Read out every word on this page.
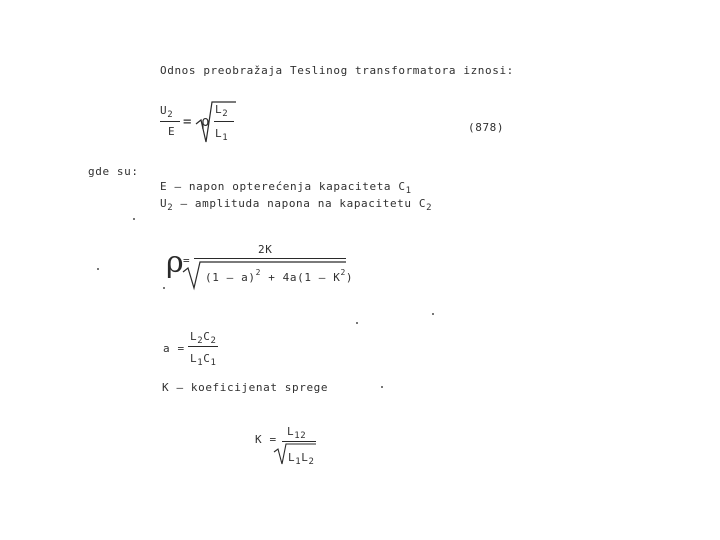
Odnos preobražaja Teslinog transformatora iznosi:
$U_2$
E
= ρ
$L_2$
$L_1$
(878)
gde su:
E – napon opterećenja kapaciteta $C_1$
$U_2$ – amplituda napona na kapacitetu $C_2$
ρ =
2K
$(1 - a)^2 + 4a(1 - K^2)$
a =
$L_2C_2$
$L_1C_1$
K – koeficijenat sprege
K =
$L_{12}$
$L_1L_2$
